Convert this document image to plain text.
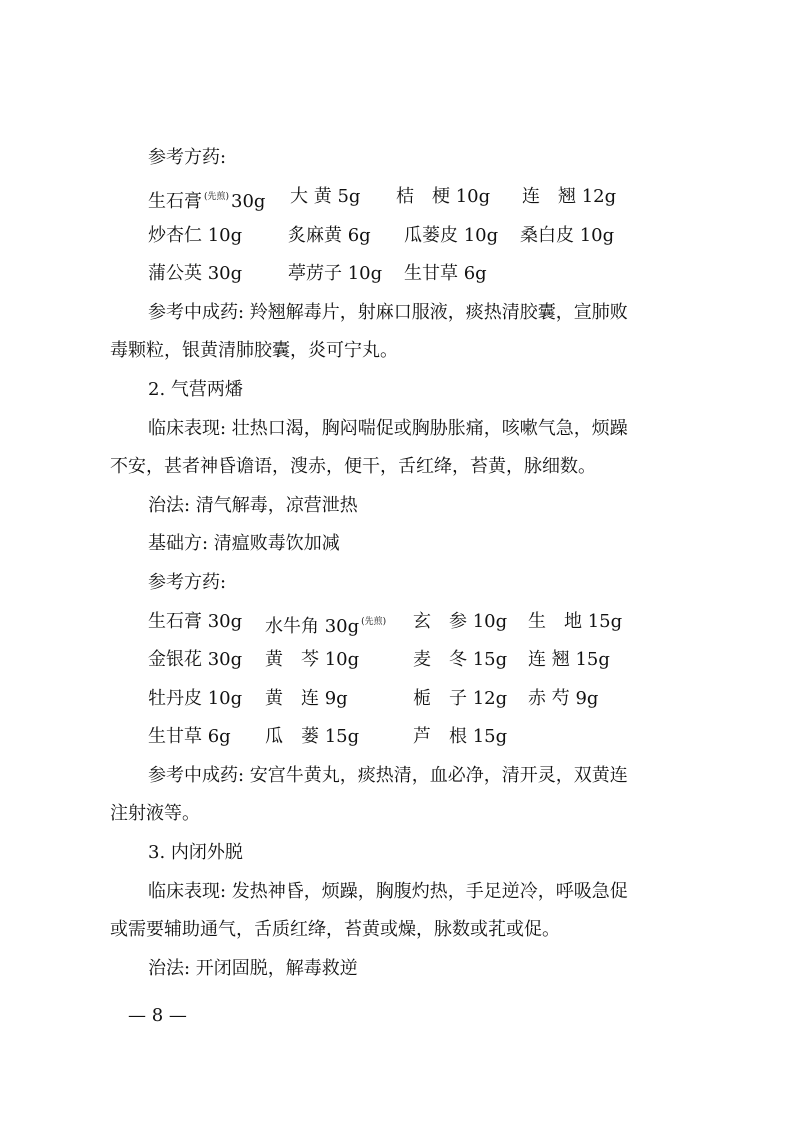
参考方药:
生石膏 $^{(先煎)}$ 30g 大 黄 5g 桔　梗 10g 连　翘 12g
炒杏仁 10g	炙麻黄 6g 瓜蒌皮 10g 桑白皮 10g
蒲公英 30g	葶苈子 10g 生甘草 6g
参考中成药: 羚翘解毒片，射麻口服液，痰热清胶囊，宣肺败
毒颗粒，银黄清肺胶囊，炎可宁丸。
2. 气营两燔
临床表现: 壮热口渴，胸闷喘促或胸胁胀痛，咳嗽气急，烦躁
不安，甚者神昏谵语，溲赤，便干，舌红绛，苔黄，脉细数。
治法: 清气解毒，凉营泄热
基础方: 清瘟败毒饮加减
参考方药:
生石膏 30g 水牛角 30g $^{(先煎)}$ 玄　参 10g 生　地 15g
金银花 30g 黄　芩 10g	麦　冬 15g 连 翘 15g
牡丹皮 10g 黄　连 9g	栀　子 12g 赤 芍 9g
生甘草 6g 瓜　蒌 15g	芦　根 15g
参考中成药: 安宫牛黄丸，痰热清，血必净，清开灵，双黄连
注射液等。
3. 内闭外脱
临床表现: 发热神昏，烦躁，胸腹灼热，手足逆冷，呼吸急促
或需要辅助通气，舌质红绛，苔黄或燥，脉数或芤或促。
治法: 开闭固脱，解毒救逆
— 8 —
